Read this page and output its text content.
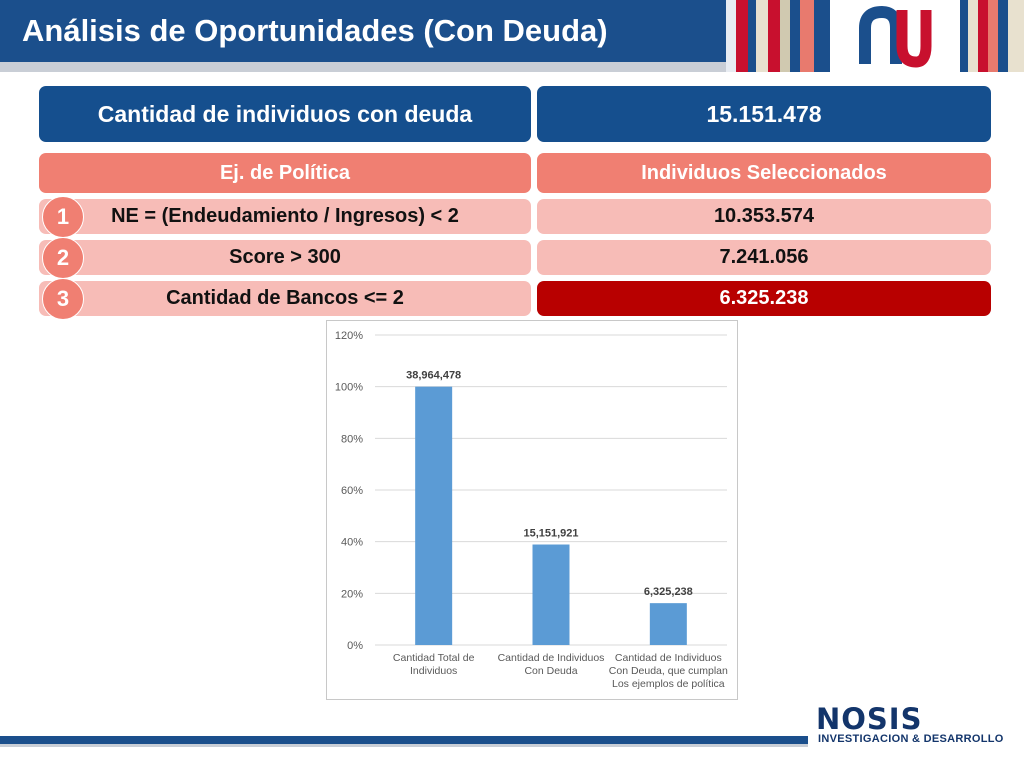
Análisis de Oportunidades (Con Deuda)
Cantidad de individuos con deuda	15.151.478
Ej. de Política	Individuos Seleccionados
NE = (Endeudamiento / Ingresos) < 2	10.353.574
1
Score > 300	7.241.056
2
Cantidad de Bancos <= 2	6.325.238
3
0%
20%
40%
60%
80%
100%
120%
38,964,478
Cantidad Total de
Individuos
15,151,921
Cantidad de Individuos
Con Deuda
6,325,238
Cantidad de Individuos
Con Deuda, que cumplan
Los ejemplos de política
NOSIS
INVESTIGACION & DESARROLLO
